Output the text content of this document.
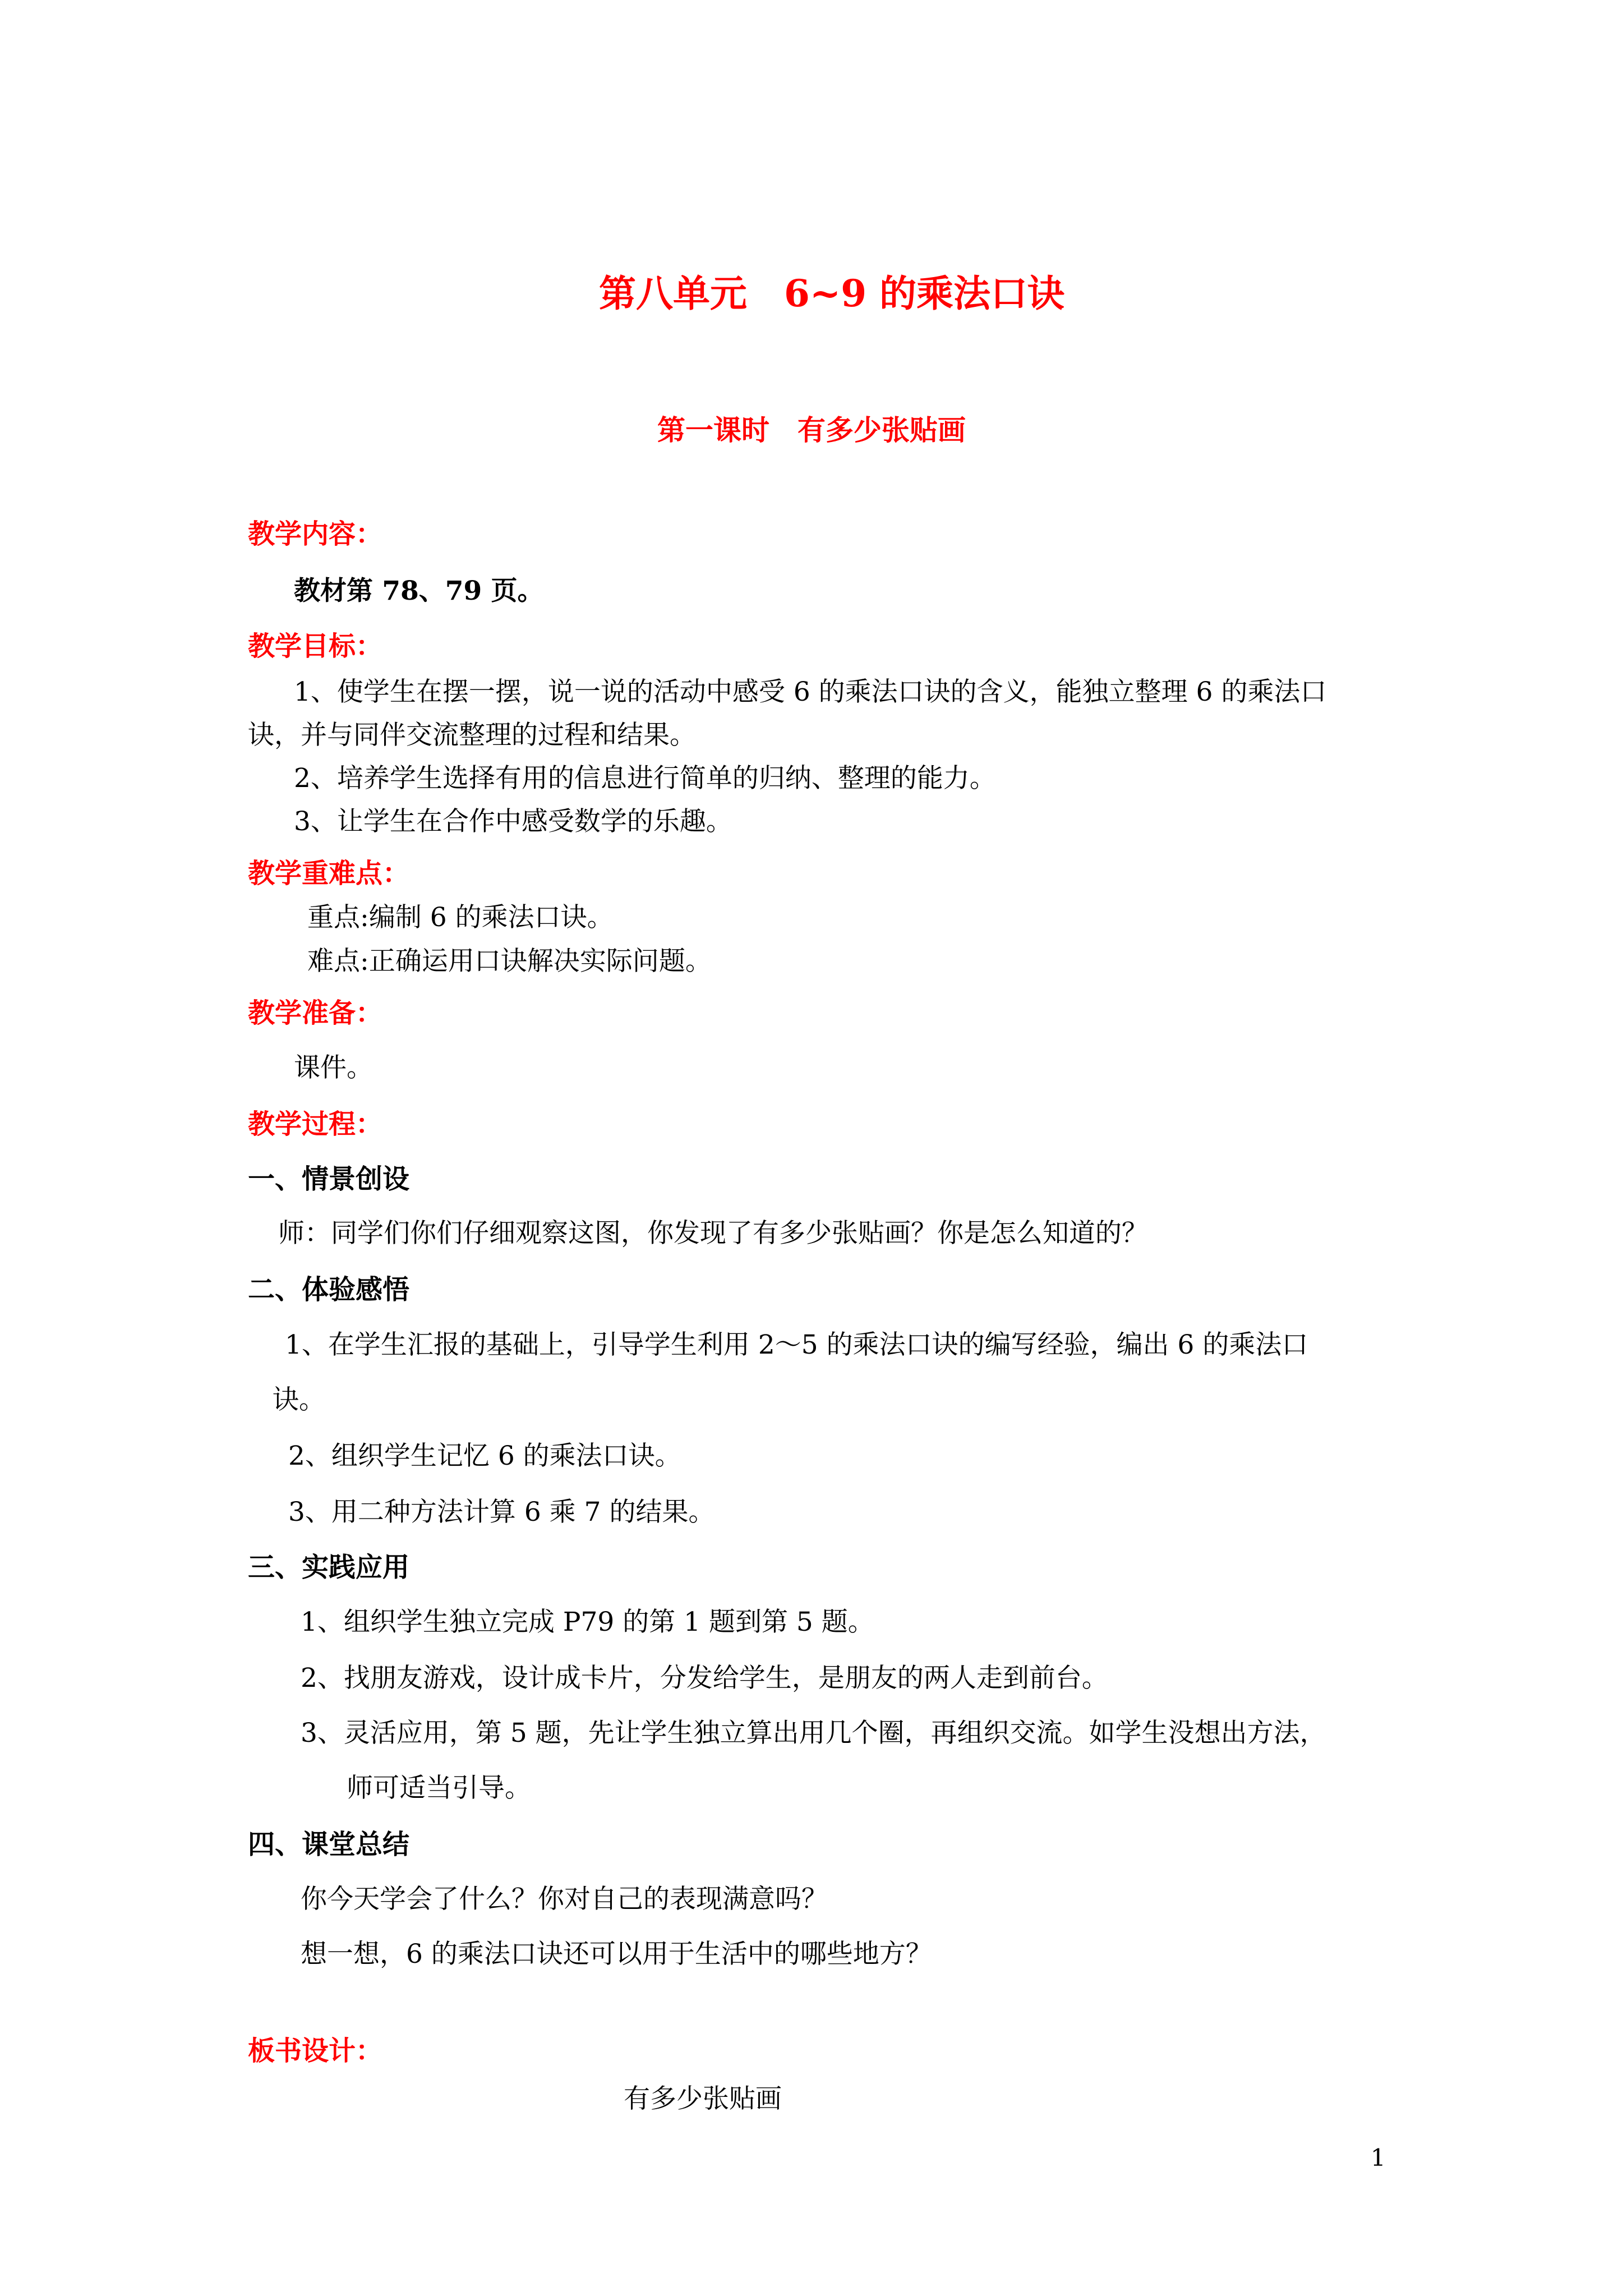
第八单元　6~9 的乘法口诀
第一课时　有多少张贴画
教学内容：
教材第 78、79 页。
教学目标：
1、使学生在摆一摆，说一说的活动中感受 6 的乘法口诀的含义，能独立整理 6 的乘法口
诀，并与同伴交流整理的过程和结果。
2、培养学生选择有用的信息进行简单的归纳、整理的能力。
3、让学生在合作中感受数学的乐趣。
教学重难点：
重点:编制 6 的乘法口诀。
难点:正确运用口诀解决实际问题。
教学准备：
课件。
教学过程：
一、情景创设
师：同学们你们仔细观察这图，你发现了有多少张贴画？你是怎么知道的？
二、体验感悟
1、在学生汇报的基础上，引导学生利用 2～5 的乘法口诀的编写经验，编出 6 的乘法口
诀。
2、组织学生记忆 6 的乘法口诀。
3、用二种方法计算 6 乘 7 的结果。
三、实践应用
1、组织学生独立完成 P79 的第 1 题到第 5 题。
2、找朋友游戏，设计成卡片，分发给学生，是朋友的两人走到前台。
3、灵活应用，第 5 题，先让学生独立算出用几个圈，再组织交流。如学生没想出方法，
师可适当引导。
四、课堂总结
你今天学会了什么？你对自己的表现满意吗？
想一想，6 的乘法口诀还可以用于生活中的哪些地方？
板书设计：
有多少张贴画
1
